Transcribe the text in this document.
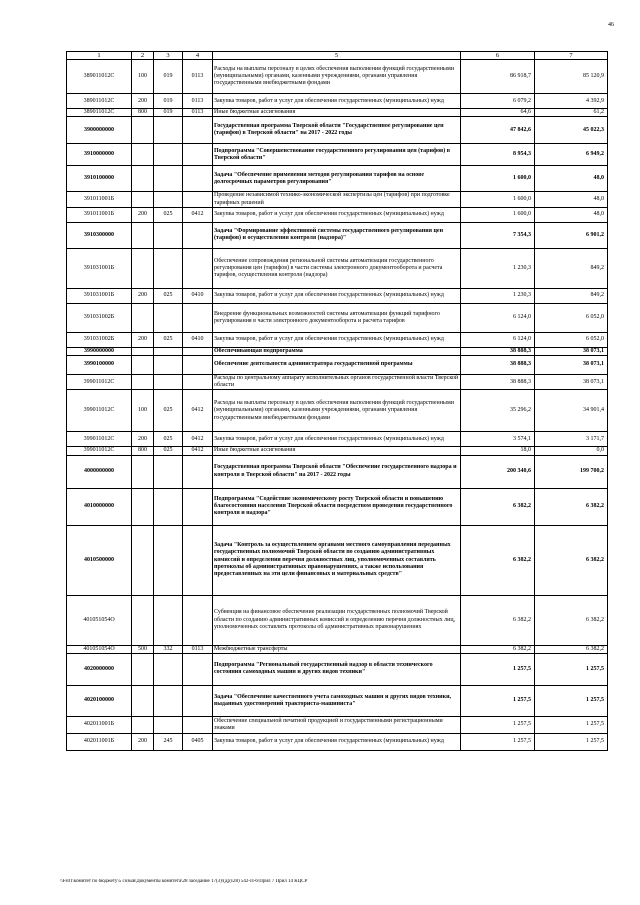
46
1	2	3	4	5	6	7
389011012С	100	019	0113	Расходы на выплаты персоналу в целях обеспечения выполнения функций государственными (муниципальными) органами, казенными учреждениями, органами управления государственными внебюджетными фондами	86 918,7	85 120,9
389011012С	200	019	0113	Закупка товаров, работ и услуг для обеспечения государственных (муниципальных) нужд	6 079,2	4 392,9
389011012С	800	019	0113	Иные бюджетные ассигнования	64,6	61,2
3900000000				Государственная программа Тверской области "Государственное регулирование цен (тарифов) в Тверской области" на 2017 - 2022 годы	47 842,6	45 022,3
3910000000				Подпрограмма "Совершенствование государственного регулирования цен (тарифов) в Тверской области"	8 954,3	6 949,2
3910100000				Задача "Обеспечение применения методов регулирования тарифов на основе долгосрочных параметров регулирования"	1 600,0	48,0
391011001Б				Проведение независимой технико-экономической экспертизы цен (тарифов) при подготовке тарифных решений	1 600,0	48,0
391011001Б	200	025	0412	Закупка товаров, работ и услуг для обеспечения государственных (муниципальных) нужд	1 600,0	48,0
3910300000				Задача "Формирование эффективной системы государственного регулирования цен (тарифов) и осуществления контроля (надзора)"	7 354,3	6 901,2
391031001Б				Обеспечение сопровождения региональной системы автоматизации государственного регулирования цен (тарифов) в части системы электронного документооборота и расчета тарифов, осуществления контроля (надзора)	1 230,3	849,2
391031001Б	200	025	0410	Закупка товаров, работ и услуг для обеспечения государственных (муниципальных) нужд	1 230,3	849,2
391031002Б				Внедрение функциональных возможностей системы автоматизации функций тарифного регулирования в части электронного документооборота и расчета тарифов	6 124,0	6 052,0
391031002Б	200	025	0410	Закупка товаров, работ и услуг для обеспечения государственных (муниципальных) нужд	6 124,0	6 052,0
3990000000				Обеспечивающая подпрограмма	38 888,3	38 073,1
3990100000				Обеспечение деятельности администратора государственной программы	38 888,3	38 073,1
399011012С				Расходы по центральному аппарату исполнительных органов государственной власти Тверской области	38 888,3	38 073,1
399011012С	100	025	0412	Расходы на выплаты персоналу в целях обеспечения выполнения функций государственными (муниципальными) органами, казенными учреждениями, органами управления государственными внебюджетными фондами	35 296,2	34 901,4
399011012С	200	025	0412	Закупка товаров, работ и услуг для обеспечения государственных (муниципальных) нужд	3 574,1	3 171,7
399011012С	800	025	0412	Иные бюджетные ассигнования	18,0	0,0
4000000000				Государственная программа Тверской области "Обеспечение государственного надзора и контроля в Тверской области" на 2017 - 2022 годы	200 340,6	199 700,2
4010000000				Подпрограмма "Содействие экономическому росту Тверской области и повышению благосостояния населения Тверской области посредством проведения государственного контроля и надзора"	6 382,2	6 382,2
4010500000				Задача "Контроль за осуществлением органами местного самоуправления переданных государственных полномочий Тверской области по созданию административных комиссий и определения перечня должностных лиц, уполномоченных составлять протоколы об административных правонарушениях, а также использования предоставленных на эти цели финансовых и материальных средств"	6 382,2	6 382,2
401051054О				Субвенция на финансовое обеспечение реализации государственных полномочий Тверской области по созданию административных комиссий и определению перечня должностных лиц, уполномоченных составлять протоколы об административных правонарушениях	6 382,2	6 382,2
401051054О	500	332	0113	Межбюджетные трансферты	6 382,2	6 382,2
4020000000				Подпрограмма "Региональный государственный надзор в области технического состояния самоходных машин и других видов техники"	1 257,5	1 257,5
4020100000				Задача "Обеспечение качественного учета самоходных машин и других видов техники, выданных удостоверений тракториста-машиниста"	1 257,5	1 257,5
402011001Б				Обеспечение специальной печатной продукцией и государственными регистрационными знаками	1 257,5	1 257,5
402011001Б	200	245	0405	Закупка товаров, работ и услуг для обеспечения государственных (муниципальных) нужд	1 257,5	1 257,5
\\Fs01\комитет по бюджету\5 созыв\Документы комитета\28 заседание 17(3)\(др)\28) 542-П-6\Прил 7 Прил 14 КЦСР
